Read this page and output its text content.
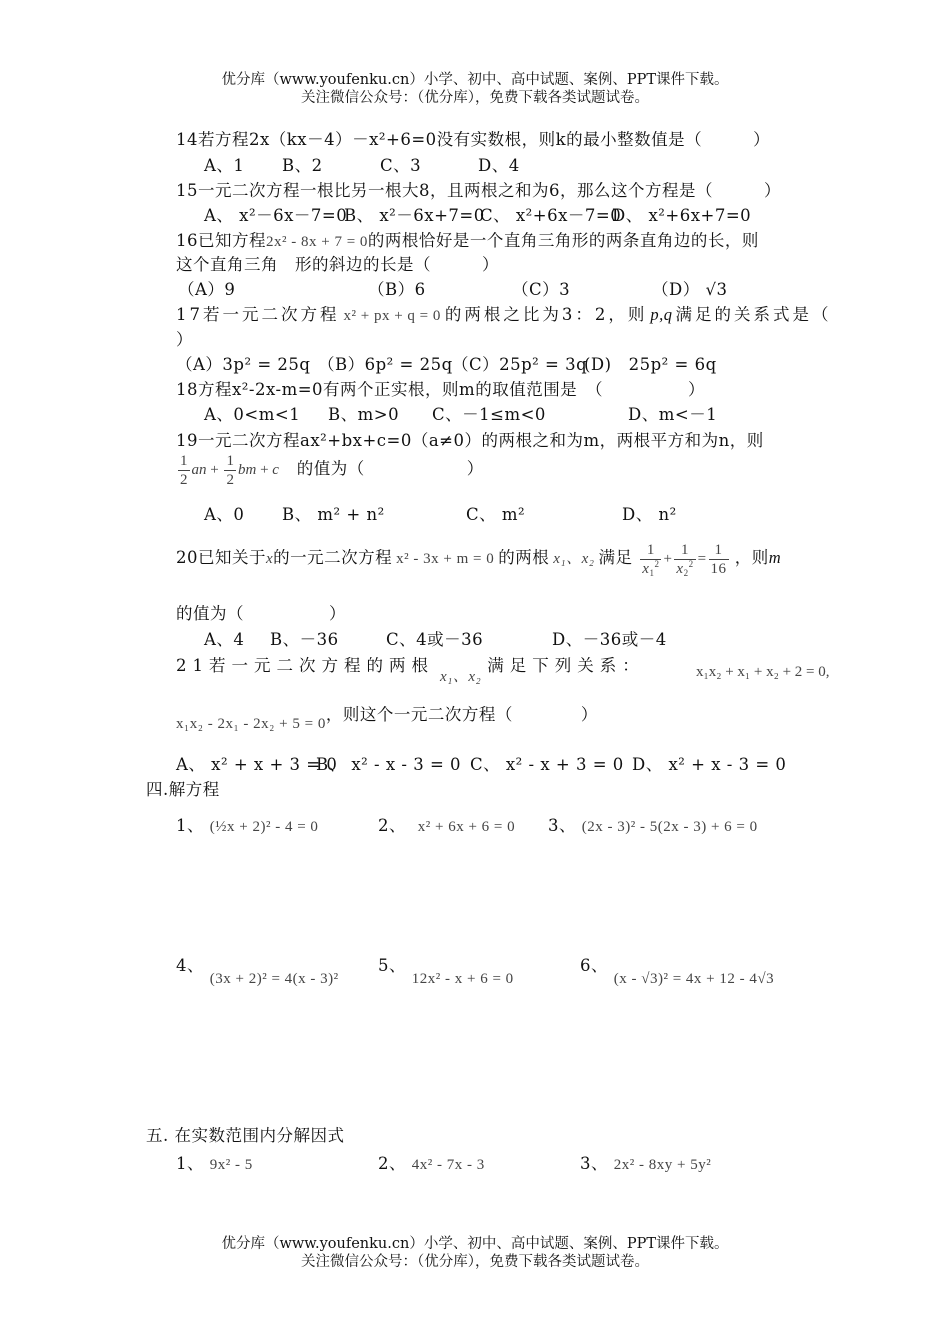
优分库（www.youfenku.cn）小学、初中、高中试题、案例、PPT课件下载。
关注微信公众号：（优分库），免费下载各类试题试卷。
14若方程2x（kx－4）－x²+6=0没有实数根，则k的最小整数值是（　　　）
A、1 B、2	C、3	D、4
15一元二次方程一根比另一根大8，且两根之和为6，那么这个方程是（　　　）
A、 x²－6x－7=0
B、 x²－6x+7=0
C、 x²+6x－7=0
D、 x²+6x+7=0
16已知方程2x² - 8x + 7 = 0的两根恰好是一个直角三角形的两条直角边的长，则
这个直角三角　形的斜边的长是（　　　）
（A）9	（B）6	（C）3	（D） √3
17若一元二次方程 x² + px + q = 0 的两根之比为3：2，则 p,q 满足的关系式是（
）
（A）3p² = 25q （B）6p² = 25q （C）25p² = 3q
(D)　25p² = 6q
18方程x²-2x-m=0有两个正实根，则m的取值范围是　（　　　　　）
A、0<m<1 B、m>0 C、－1≤m<0	D、m<－1
19一元二次方程ax²+bx+c=0（a≠0）的两根之和为m，两根平方和为n，则
$\frac{1}{2}$ an + $\frac{1}{2}$ bm + c 的值为（　　　　　　）
A、0 B、 m² + n²	C、 m²	D、 n²
20已知关于x的一元二次方程 x² - 3x + m = 0 的两根 x₁、x₂ 满足 $\frac{1}{x_1^2} + \frac{1}{x_2^2} = \frac{1}{16}$ ，则m
的值为（　　　　　）
A、4 B、－36	C、4或－36	D、－36或－4
21若一元二次方程的两根x₁、x₂满足下列关系：	x₁x₂ + x₁ + x₂ + 2 = 0,
x₁x₂ - 2x₁ - 2x₂ + 5 = 0，则这个一元二次方程（　　　　）
A、 x² + x + 3 = 0
B、 x² - x - 3 = 0 C、 x² - x + 3 = 0 D、 x² + x - 3 = 0
四.解方程
1、 (½x + 2)² - 4 = 0	2、 x² + 6x + 6 = 0 3、 (2x - 3)² - 5(2x - 3) + 6 = 0
4、 (3x + 2)² = 4(x - 3)²
5、 12x² - x + 6 = 0
6、 (x - √3)² = 4x + 12 - 4√3
五. 在实数范围内分解因式
1、 9x² - 5	2、 4x² - 7x - 3	3、 2x² - 8xy + 5y²
优分库（www.youfenku.cn）小学、初中、高中试题、案例、PPT课件下载。
关注微信公众号：（优分库），免费下载各类试题试卷。
